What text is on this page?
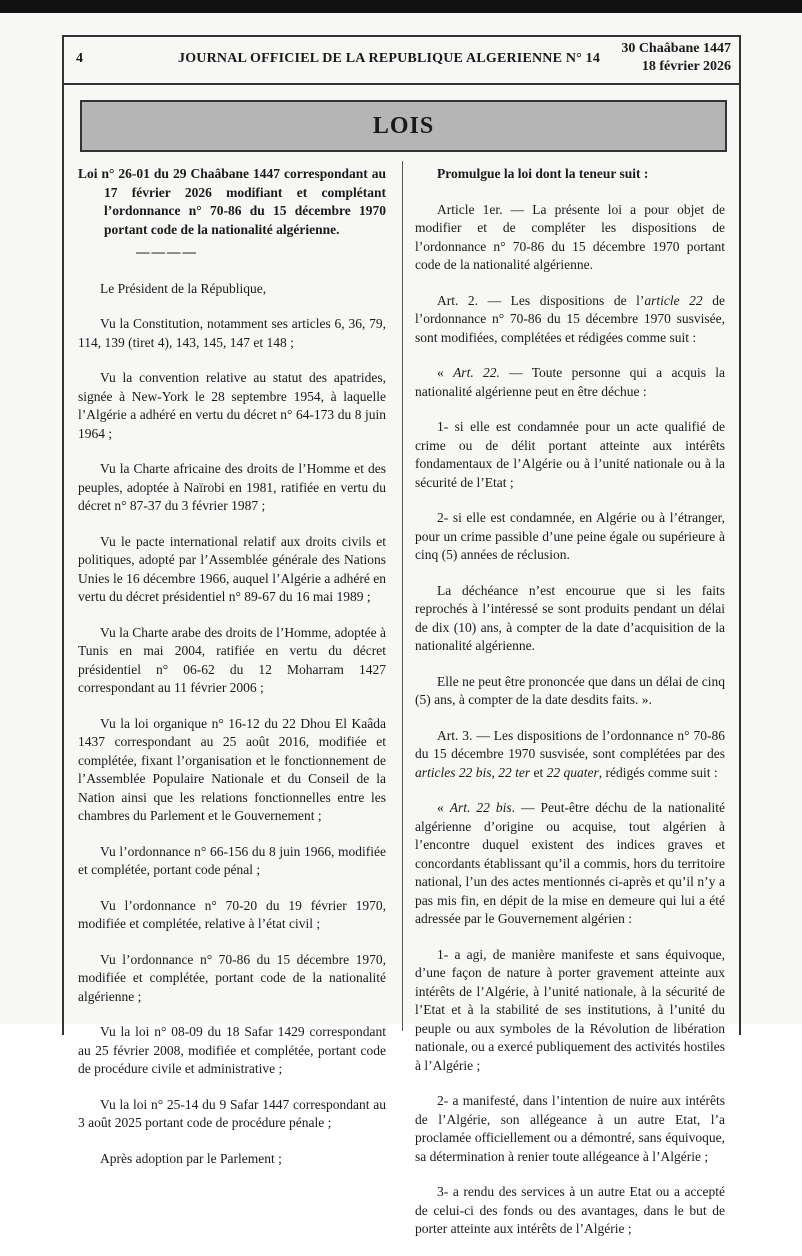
4	JOURNAL OFFICIEL DE LA REPUBLIQUE ALGERIENNE N° 14
30 Chaâbane 1447
18 février 2026
LOIS

Loi n° 26-01 du 29 Chaâbane 1447 correspondant au 17 février 2026 modifiant et complétant l’ordonnance n° 70-86 du 15 décembre 1970 portant code de la nationalité algérienne.

————

Le Président de la République,

Vu la Constitution, notamment ses articles 6, 36, 79, 114, 139 (tiret 4), 143, 145, 147 et 148 ;

Vu la convention relative au statut des apatrides, signée à New-York le 28 septembre 1954, à laquelle l’Algérie a adhéré en vertu du décret n° 64-173 du 8 juin 1964 ;

Vu la Charte africaine des droits de l’Homme et des peuples, adoptée à Naïrobi en 1981, ratifiée en vertu du décret n° 87-37 du 3 février 1987 ;

Vu le pacte international relatif aux droits civils et politiques, adopté par l’Assemblée générale des Nations Unies le 16 décembre 1966, auquel l’Algérie a adhéré en vertu du décret présidentiel n° 89-67 du 16 mai 1989 ;

Vu la Charte arabe des droits de l’Homme, adoptée à Tunis en mai 2004, ratifiée en vertu du décret présidentiel n° 06-62 du 12 Moharram 1427 correspondant au 11 février 2006 ;

Vu la loi organique n° 16-12 du 22 Dhou El Kaâda 1437 correspondant au 25 août 2016, modifiée et complétée, fixant l’organisation et le fonctionnement de l’Assemblée Populaire Nationale et du Conseil de la Nation ainsi que les relations fonctionnelles entre les chambres du Parlement et le Gouvernement ;

Vu l’ordonnance n° 66-156 du 8 juin 1966, modifiée et complétée, portant code pénal ;

Vu l’ordonnance n° 70-20 du 19 février 1970, modifiée et complétée, relative à l’état civil ;

Vu l’ordonnance n° 70-86 du 15 décembre 1970, modifiée et complétée, portant code de la nationalité algérienne ;

Vu la loi n° 08-09 du 18 Safar 1429 correspondant au 25 février 2008, modifiée et complétée, portant code de procédure civile et administrative ;

Vu la loi n° 25-14 du 9 Safar 1447 correspondant au 3 août 2025 portant code de procédure pénale ;

Après adoption par le Parlement ;

Promulgue la loi dont la teneur suit :

Article 1er. — La présente loi a pour objet de modifier et de compléter les dispositions de l’ordonnance n° 70-86 du 15 décembre 1970 portant code de la nationalité algérienne.

Art. 2. — Les dispositions de l’article 22 de l’ordonnance n° 70-86 du 15 décembre 1970 susvisée, sont modifiées, complétées et rédigées comme suit :

« Art. 22. — Toute personne qui a acquis la nationalité algérienne peut en être déchue :

1- si elle est condamnée pour un acte qualifié de crime ou de délit portant atteinte aux intérêts fondamentaux de l’Algérie ou à l’unité nationale ou à la sécurité de l’Etat ;

2- si elle est condamnée, en Algérie ou à l’étranger, pour un crime passible d’une peine égale ou supérieure à cinq (5) années de réclusion.

La déchéance n’est encourue que si les faits reprochés à l’intéressé se sont produits pendant un délai de dix (10) ans, à compter de la date d’acquisition de la nationalité algérienne.

Elle ne peut être prononcée que dans un délai de cinq (5) ans, à compter de la date desdits faits. ».

Art. 3. — Les dispositions de l’ordonnance n° 70-86 du 15 décembre 1970 susvisée, sont complétées par des articles 22 bis, 22 ter et 22 quater, rédigés comme suit :

« Art. 22 bis. — Peut-être déchu de la nationalité algérienne d’origine ou acquise, tout algérien à l’encontre duquel existent des indices graves et concordants établissant qu’il a commis, hors du territoire national, l’un des actes mentionnés ci-après et qu’il n’y a pas mis fin, en dépit de la mise en demeure qui lui a été adressée par le Gouvernement algérien :

1- a agi, de manière manifeste et sans équivoque, d’une façon de nature à porter gravement atteinte aux intérêts de l’Algérie, à l’unité nationale, à la sécurité de l’Etat et à la stabilité de ses institutions, à l’unité du peuple ou aux symboles de la Révolution de libération nationale, ou a exercé publiquement des activités hostiles à l’Algérie ;

2- a manifesté, dans l’intention de nuire aux intérêts de l’Algérie, son allégeance à un autre Etat, l’a proclamée officiellement ou a démontré, sans équivoque, sa détermination à renier toute allégeance à l’Algérie ;

3- a rendu des services à un autre Etat ou a accepté de celui-ci des fonds ou des avantages, dans le but de porter atteinte aux intérêts de l’Algérie ;
